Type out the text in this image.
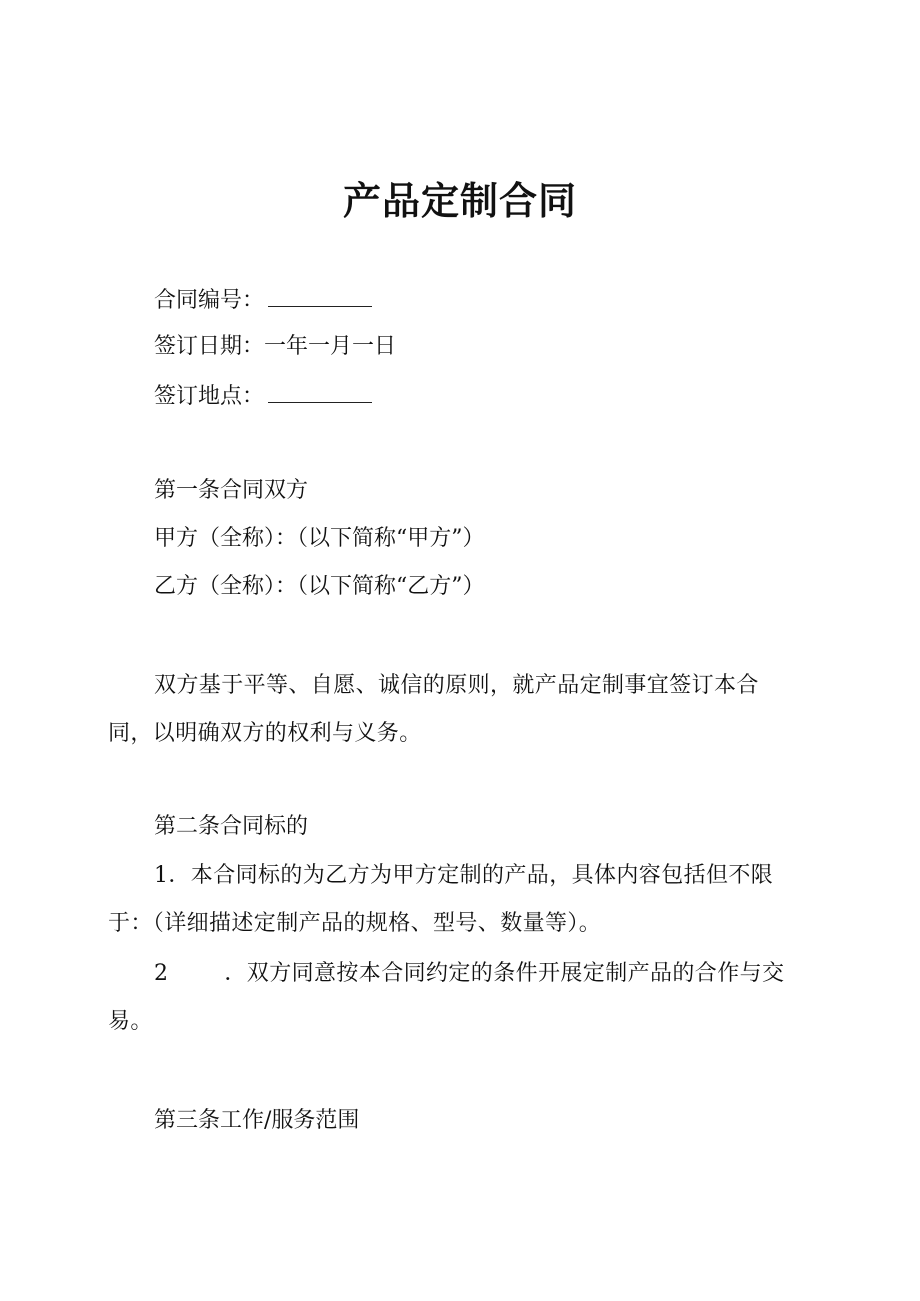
产品定制合同
合同编号：
签订日期：一年一月一日
签订地点：
第一条合同双方
甲方（全称）：（以下简称“甲方”）
乙方（全称）：（以下简称“乙方”）
双方基于平等、自愿、诚信的原则，就产品定制事宜签订本合同，以明确双方的权利与义务。
第二条合同标的
1．本合同标的为乙方为甲方定制的产品，具体内容包括但不限于：（详细描述定制产品的规格、型号、数量等）。
2	．双方同意按本合同约定的条件开展定制产品的合作与交易。
第三条工作/服务范围
